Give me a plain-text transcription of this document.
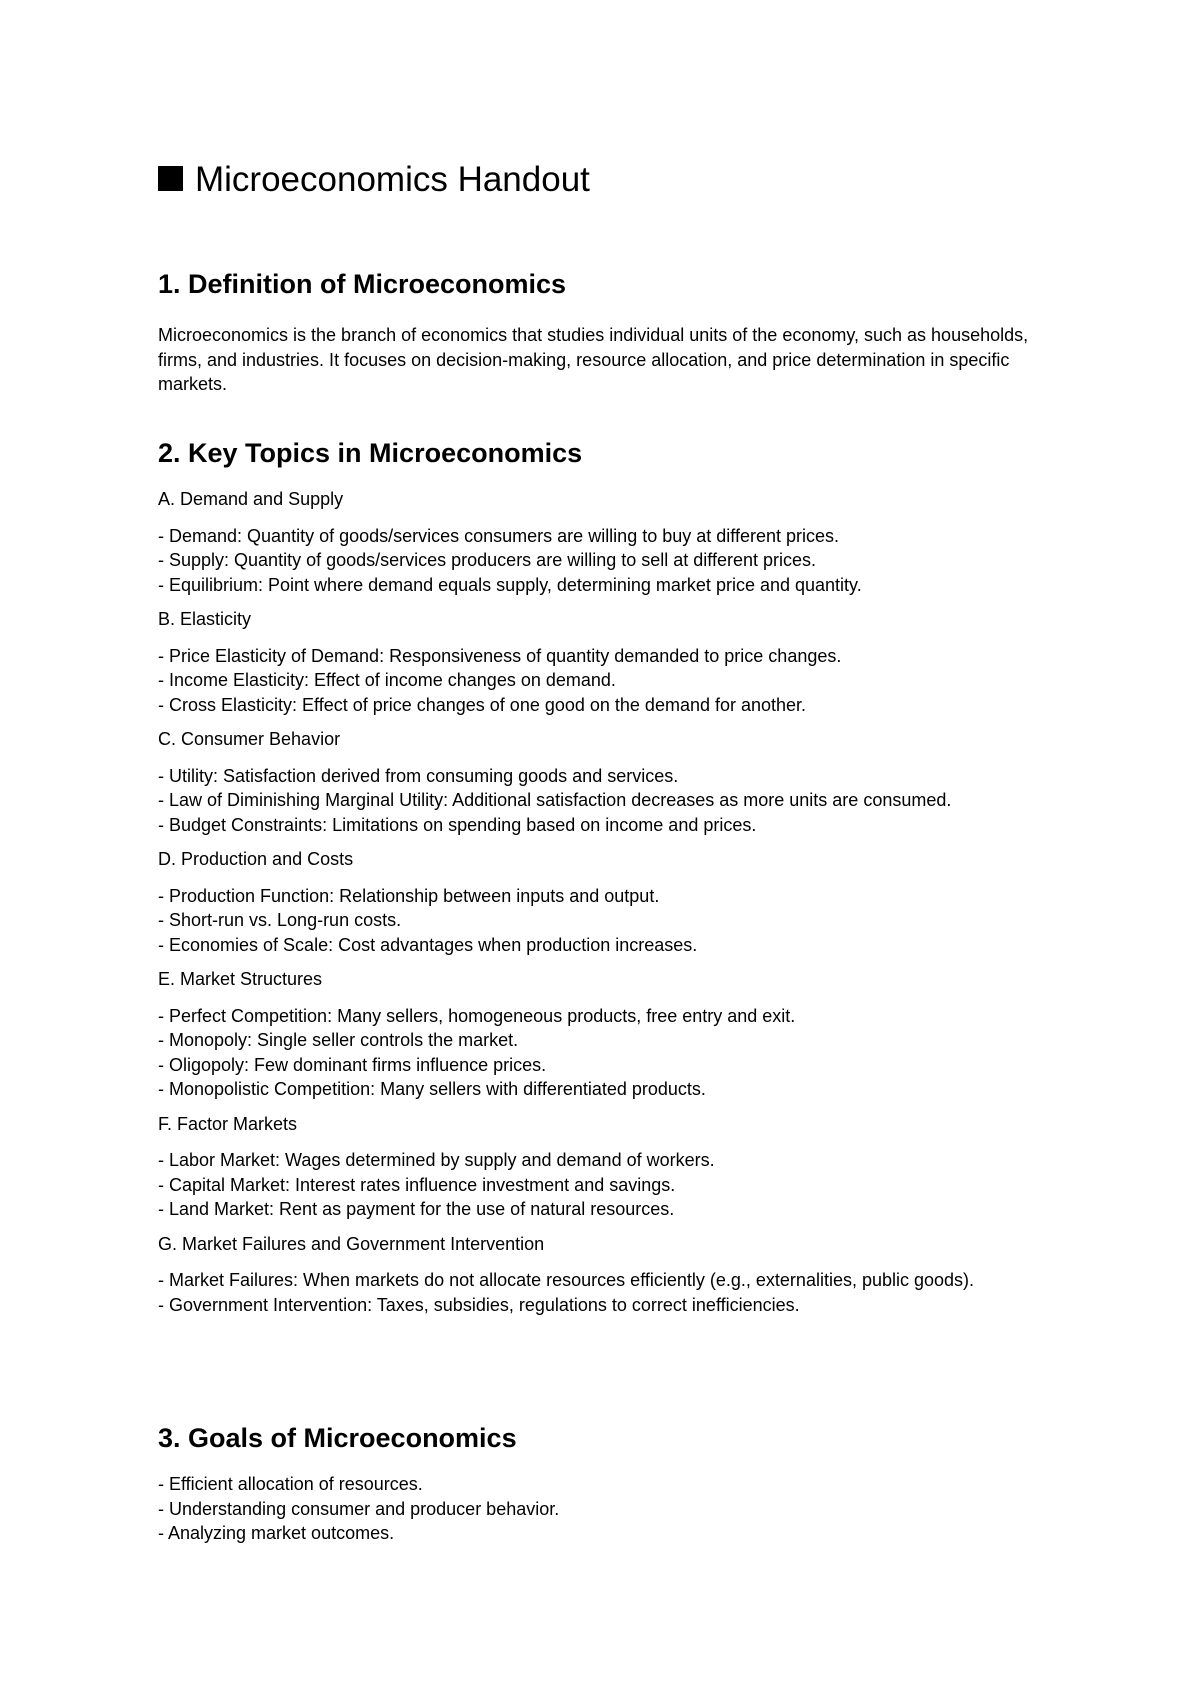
Microeconomics Handout
1. Definition of Microeconomics

Microeconomics is the branch of economics that studies individual units of the economy, such as households, firms, and industries. It focuses on decision-making, resource allocation, and price determination in specific markets.

2. Key Topics in Microeconomics

A. Demand and Supply

- Demand: Quantity of goods/services consumers are willing to buy at different prices.
- Supply: Quantity of goods/services producers are willing to sell at different prices.
- Equilibrium: Point where demand equals supply, determining market price and quantity.

B. Elasticity

- Price Elasticity of Demand: Responsiveness of quantity demanded to price changes.
- Income Elasticity: Effect of income changes on demand.
- Cross Elasticity: Effect of price changes of one good on the demand for another.

C. Consumer Behavior

- Utility: Satisfaction derived from consuming goods and services.
- Law of Diminishing Marginal Utility: Additional satisfaction decreases as more units are consumed.
- Budget Constraints: Limitations on spending based on income and prices.

D. Production and Costs

- Production Function: Relationship between inputs and output.
- Short-run vs. Long-run costs.
- Economies of Scale: Cost advantages when production increases.

E. Market Structures

- Perfect Competition: Many sellers, homogeneous products, free entry and exit.
- Monopoly: Single seller controls the market.
- Oligopoly: Few dominant firms influence prices.
- Monopolistic Competition: Many sellers with differentiated products.

F. Factor Markets

- Labor Market: Wages determined by supply and demand of workers.
- Capital Market: Interest rates influence investment and savings.
- Land Market: Rent as payment for the use of natural resources.

G. Market Failures and Government Intervention

- Market Failures: When markets do not allocate resources efficiently (e.g., externalities, public goods).
- Government Intervention: Taxes, subsidies, regulations to correct inefficiencies.
3. Goals of Microeconomics
- Efficient allocation of resources.
- Understanding consumer and producer behavior.
- Analyzing market outcomes.
